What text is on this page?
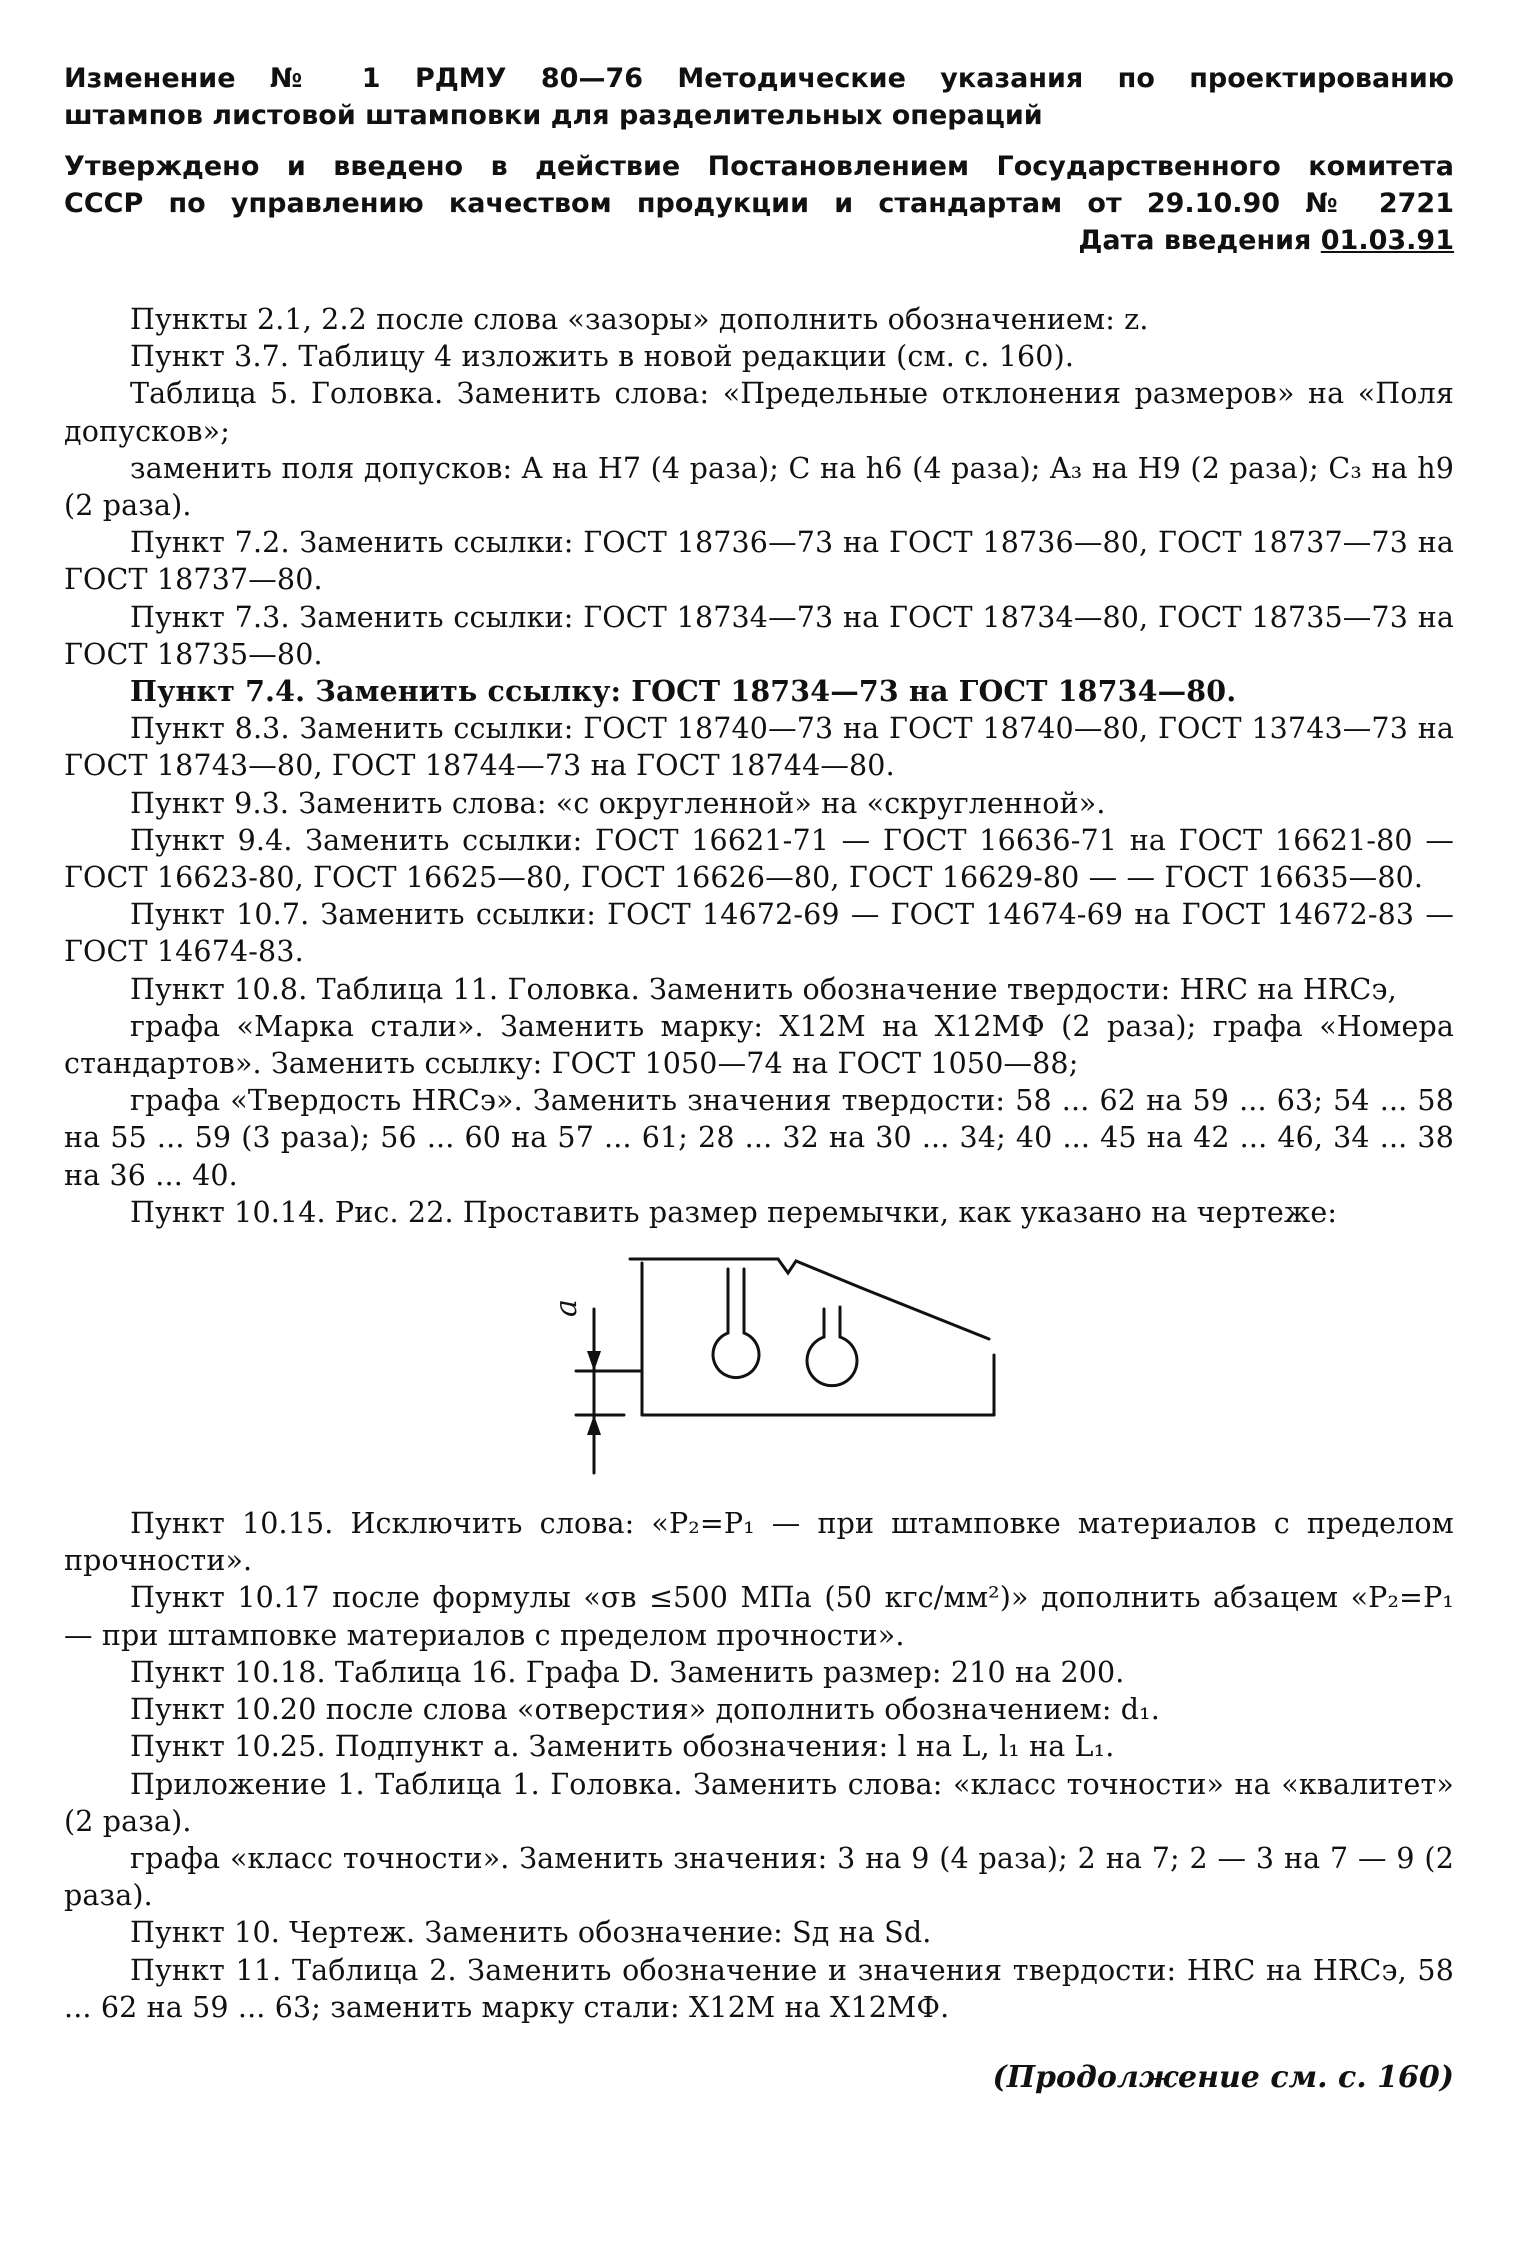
Изменение № 1 РДМУ 80—76 Методические указания по проектированию
штампов листовой штамповки для разделительных операций
Утверждено и введено в действие Постановлением Государственного комитета
СССР по управлению качеством продукции и стандартам от 29.10.90 № 2721
Дата введения 01.03.91

Пункты 2.1, 2.2 после слова «зазоры» дополнить обозначением: z.

Пункт 3.7. Таблицу 4 изложить в новой редакции (см. с. 160).

Таблица 5. Головка. Заменить слова: «Предельные отклонения размеров» на «Поля допусков»;

заменить поля допусков: A на H7 (4 раза); C на h6 (4 раза); A₃ на H9 (2 раза); C₃ на h9 (2 раза).

Пункт 7.2. Заменить ссылки: ГОСТ 18736—73 на ГОСТ 18736—80, ГОСТ 18737—73 на ГОСТ 18737—80.

Пункт 7.3. Заменить ссылки: ГОСТ 18734—73 на ГОСТ 18734—80, ГОСТ 18735—73 на ГОСТ 18735—80.

Пункт 7.4. Заменить ссылку: ГОСТ 18734—73 на ГОСТ 18734—80.

Пункт 8.3. Заменить ссылки: ГОСТ 18740—73 на ГОСТ 18740—80, ГОСТ 13743—73 на ГОСТ 18743—80, ГОСТ 18744—73 на ГОСТ 18744—80.

Пункт 9.3. Заменить слова: «с округленной» на «скругленной».

Пункт 9.4. Заменить ссылки: ГОСТ 16621-71 — ГОСТ 16636-71 на ГОСТ 16621-80 — ГОСТ 16623-80, ГОСТ 16625—80, ГОСТ 16626—80, ГОСТ 16629-80 — — ГОСТ 16635—80.

Пункт 10.7. Заменить ссылки: ГОСТ 14672-69 — ГОСТ 14674-69 на ГОСТ 14672-83 — ГОСТ 14674-83.

Пункт 10.8. Таблица 11. Головка. Заменить обозначение твердости: HRC на HRCэ,

графа «Марка стали». Заменить марку: Х12М на Х12МФ (2 раза); графа «Номера стандартов». Заменить ссылку: ГОСТ 1050—74 на ГОСТ 1050—88;

графа «Твердость HRCэ». Заменить значения твердости: 58 ... 62 на 59 ... 63; 54 ... 58 на 55 ... 59 (3 раза); 56 ... 60 на 57 ... 61; 28 ... 32 на 30 ... 34; 40 ... 45 на 42 ... 46, 34 ... 38 на 36 ... 40.

Пункт 10.14. Рис. 22. Проставить размер перемычки, как указано на чертеже:

a

Пункт 10.15. Исключить слова: «P₂=P₁ — при штамповке материалов с пределом прочности».

Пункт 10.17 после формулы «σв ≤500 МПа (50 кгс/мм²)» дополнить абзацем «P₂=P₁ — при штамповке материалов с пределом прочности».

Пункт 10.18. Таблица 16. Графа D. Заменить размер: 210 на 200.

Пункт 10.20 после слова «отверстия» дополнить обозначением: d₁.

Пункт 10.25. Подпункт a. Заменить обозначения: l на L, l₁ на L₁.

Приложение 1. Таблица 1. Головка. Заменить слова: «класс точности» на «квалитет» (2 раза).

графа «класс точности». Заменить значения: 3 на 9 (4 раза); 2 на 7; 2 — 3 на 7 — 9 (2 раза).

Пункт 10. Чертеж. Заменить обозначение: Sд на Sd.

Пункт 11. Таблица 2. Заменить обозначение и значения твердости: HRC на HRCэ, 58 ... 62 на 59 ... 63; заменить марку стали: Х12М на Х12МФ.

(Продолжение см. с. 160)
